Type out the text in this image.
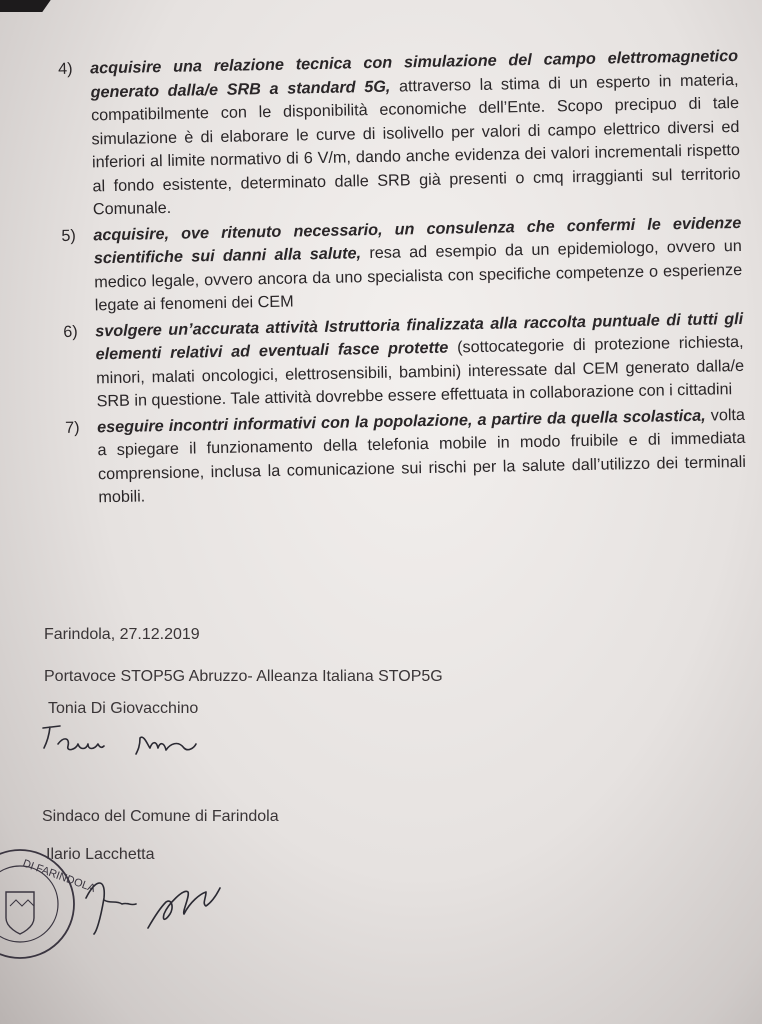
4) acquisire una relazione tecnica con simulazione del campo elettromagnetico generato dalla/e SRB a standard 5G, attraverso la stima di un esperto in materia, compatibilmente con le disponibilità economiche dell’Ente. Scopo precipuo di tale simulazione è di elaborare le curve di isolivello per valori di campo elettrico diversi ed inferiori al limite normativo di 6 V/m, dando anche evidenza dei valori incrementali rispetto al fondo esistente, determinato dalle SRB già presenti o cmq irraggianti sul territorio Comunale.
5) acquisire, ove ritenuto necessario, un consulenza che confermi le evidenze scientifiche sui danni alla salute, resa ad esempio da un epidemiologo, ovvero un medico legale, ovvero ancora da uno specialista con specifiche competenze o esperienze legate ai fenomeni dei CEM
6) svolgere un’accurata attività Istruttoria finalizzata alla raccolta puntuale di tutti gli elementi relativi ad eventuali fasce protette (sottocategorie di protezione richiesta, minori, malati oncologici, elettrosensibili, bambini) interessate dal CEM generato dalla/e SRB in questione. Tale attività dovrebbe essere effettuata in collaborazione con i cittadini
7) eseguire incontri informativi con la popolazione, a partire da quella scolastica, volta a spiegare il funzionamento della telefonia mobile in modo fruibile e di immediata comprensione, inclusa la comunicazione sui rischi per la salute dall’utilizzo dei terminali mobili.
Farindola, 27.12.2019
Portavoce STOP5G Abruzzo- Alleanza Italiana STOP5G
Tonia Di Giovacchino
Sindaco del Comune di Farindola
Ilario Lacchetta
DI FARINDOLA
